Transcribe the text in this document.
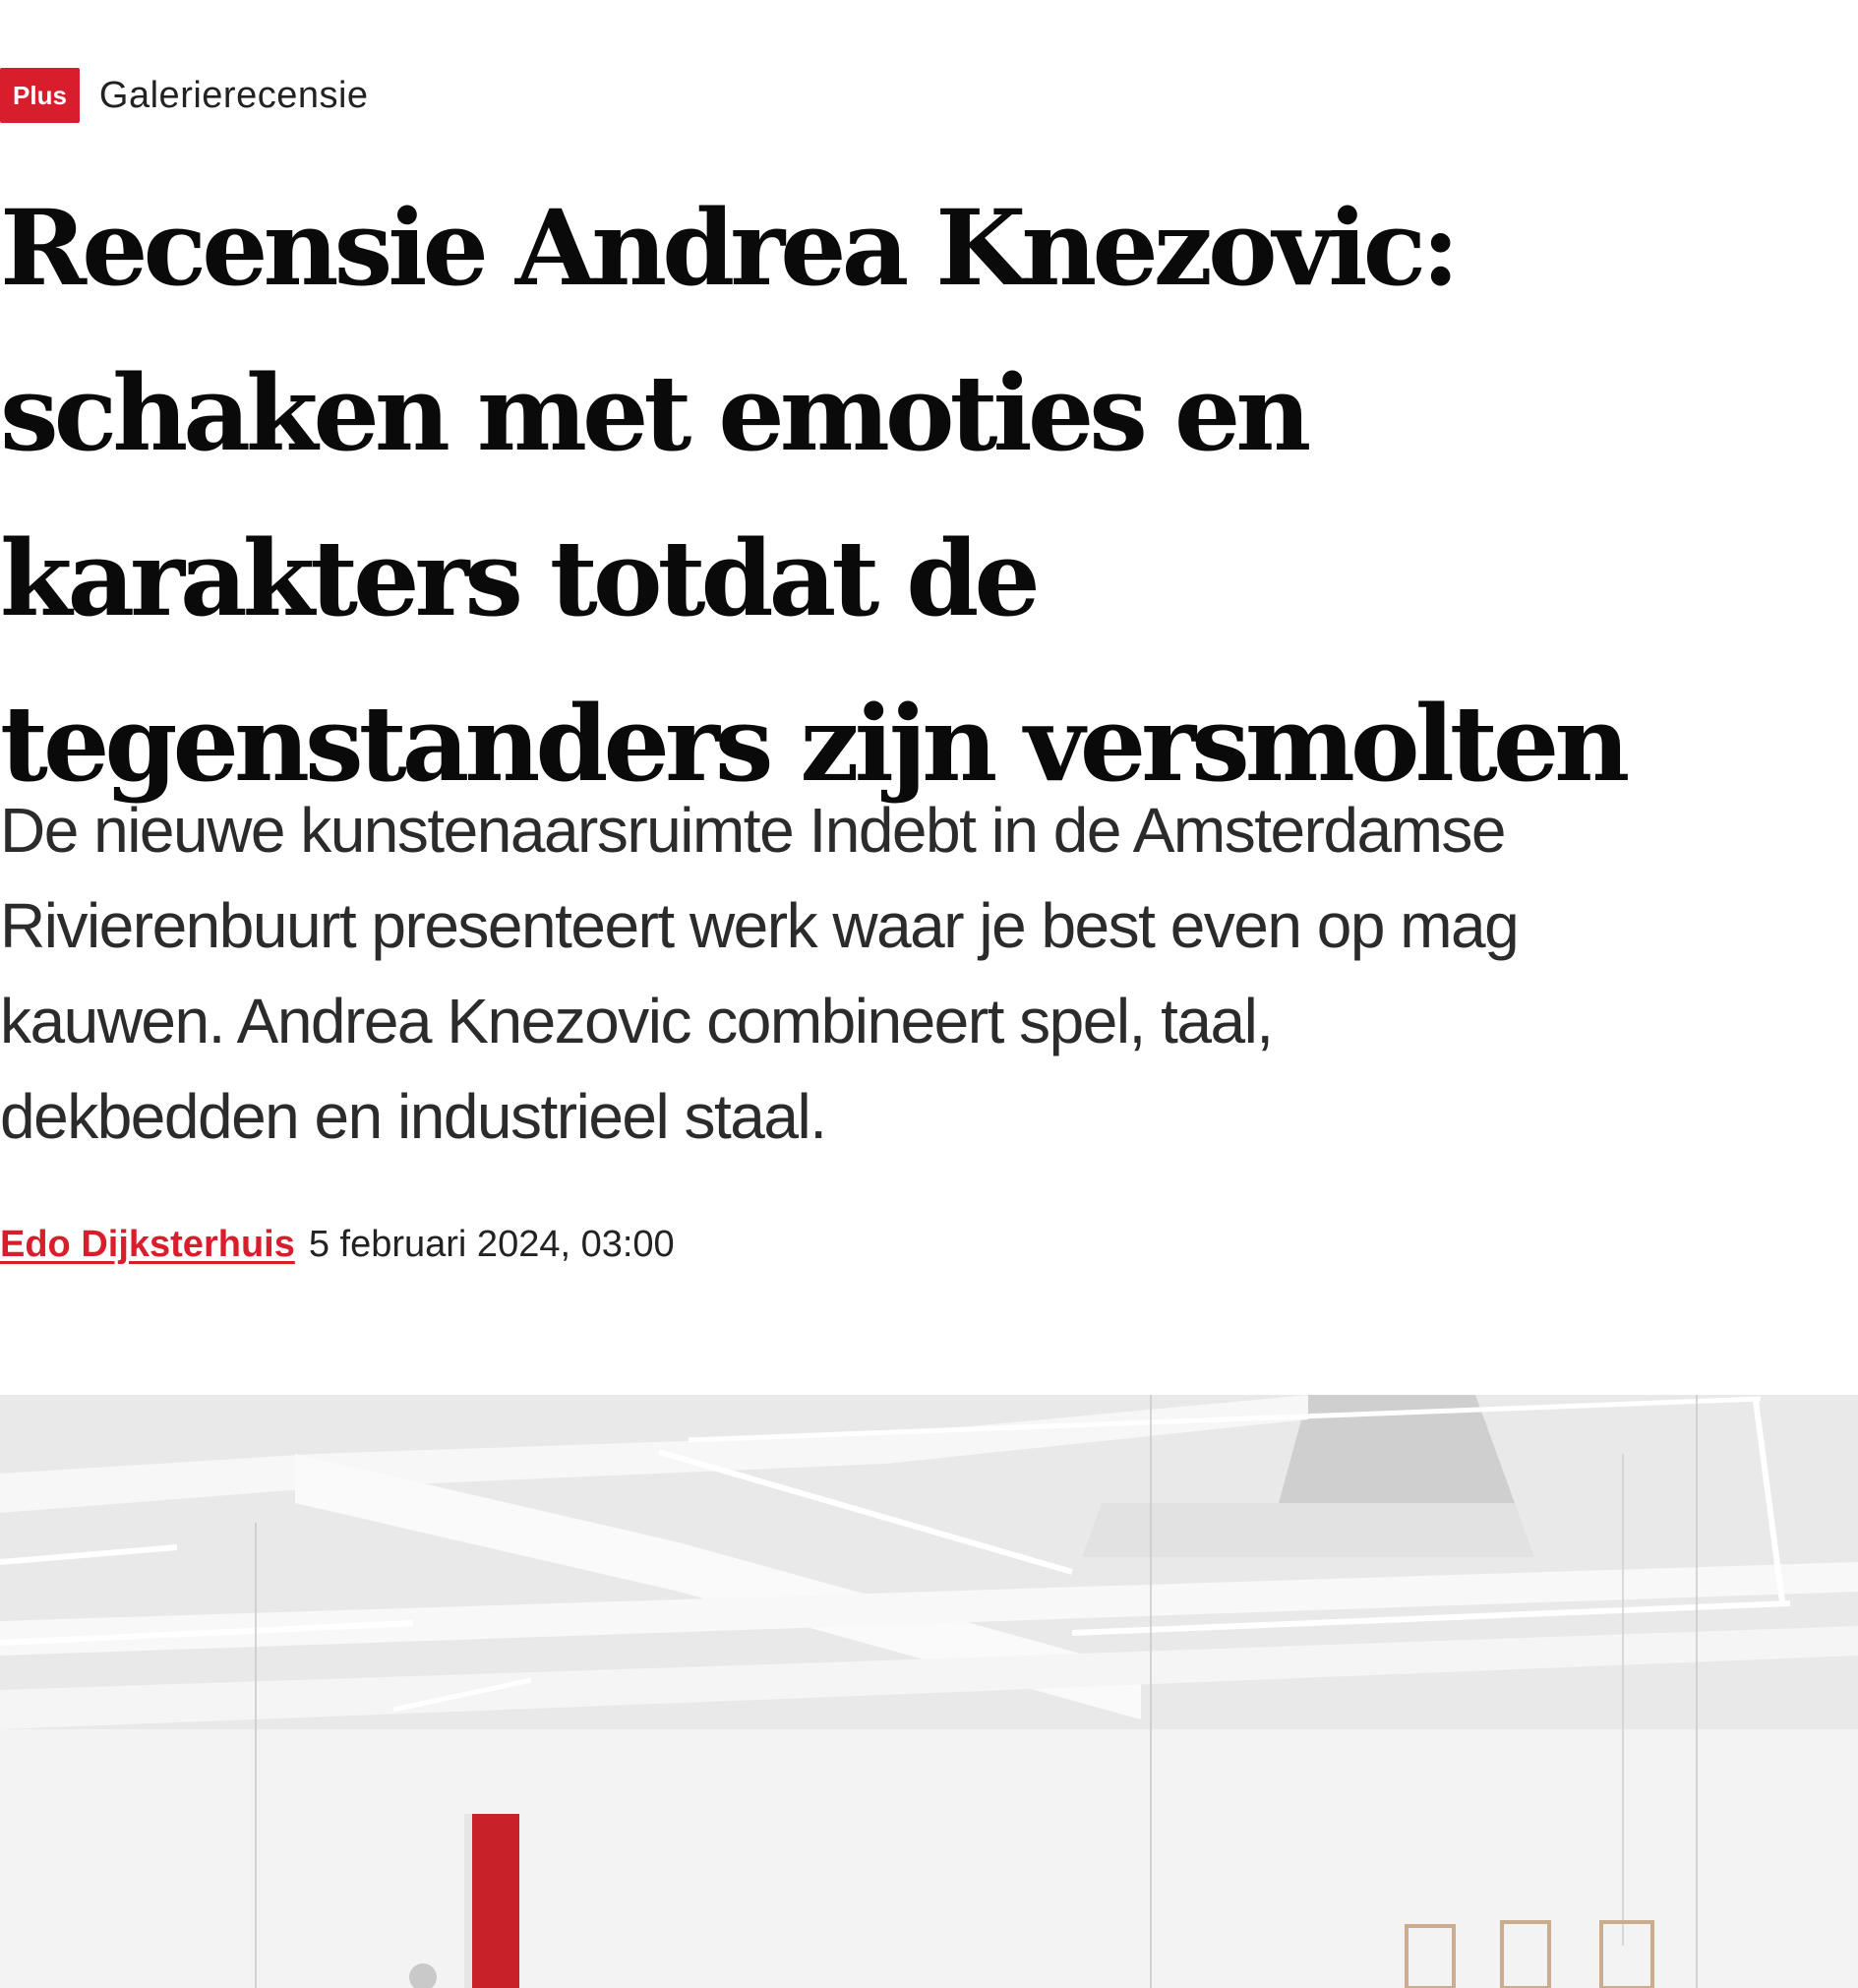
Plus Galerierecensie
Recensie Andrea Knezovic:
schaken met emoties en
karakters totdat de
tegenstanders zijn versmolten

De nieuwe kunstenaarsruimte Indebt in de Amsterdamse
Rivierenbuurt presenteert werk waar je best even op mag
kauwen. Andrea Knezovic combineert spel, taal,
dekbedden en industrieel staal.

Edo Dijksterhuis 5 februari 2024, 03:00
